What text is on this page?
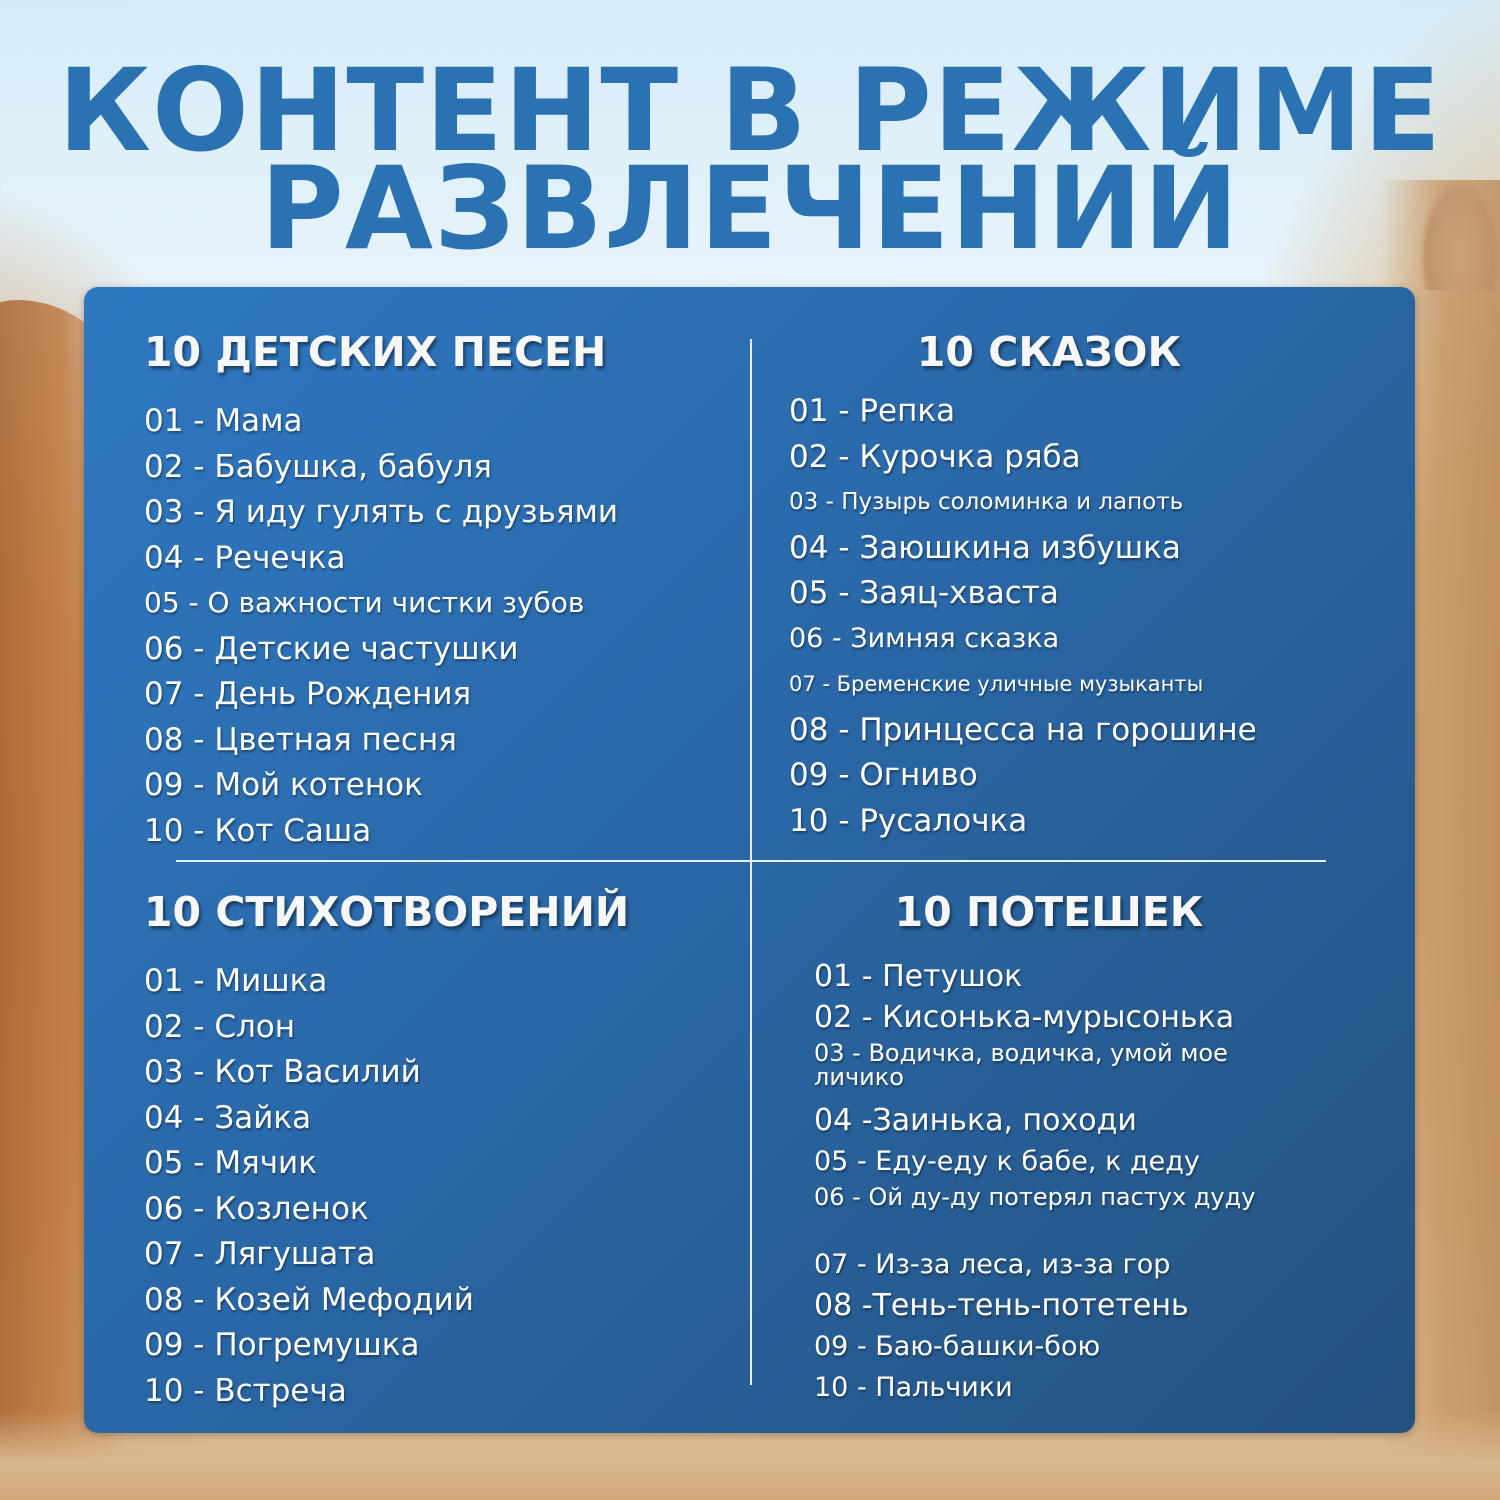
КОНТЕНТ В РЕЖИМЕ
РАЗВЛЕЧЕНИЙ
10 ДЕТСКИХ ПЕСЕН
01 - Мама
02 - Бабушка, бабуля
03 - Я иду гулять с друзьями
04 - Речечка
05 - О важности чистки зубов
06 - Детские частушки
07 - День Рождения
08 - Цветная песня
09 - Мой котенок
10 - Кот Саша
10 СКАЗОК
01 - Репка
02 - Курочка ряба
03 - Пузырь соломинка и лапоть
04 - Заюшкина избушка
05 - Заяц-хваста
06 - Зимняя сказка
07 - Бременские уличные музыканты
08 - Принцесса на горошине
09 - Огниво
10 - Русалочка
10 СТИХОТВОРЕНИЙ
01 - Мишка
02 - Слон
03 - Кот Василий
04 - Зайка
05 - Мячик
06 - Козленок
07 - Лягушата
08 - Козей Мефодий
09 - Погремушка
10 - Встреча
10 ПОТЕШЕК
01 - Петушок
02 - Кисонька-мурысонька
03 - Водичка, водичка, умой мое личико
04 -Заинька, походи
05 - Еду-еду к бабе, к деду
06 - Ой ду-ду потерял пастух дуду
07 - Из-за леса, из-за гор
08 -Тень-тень-потетень
09 - Баю-башки-бою
10 - Пальчики
